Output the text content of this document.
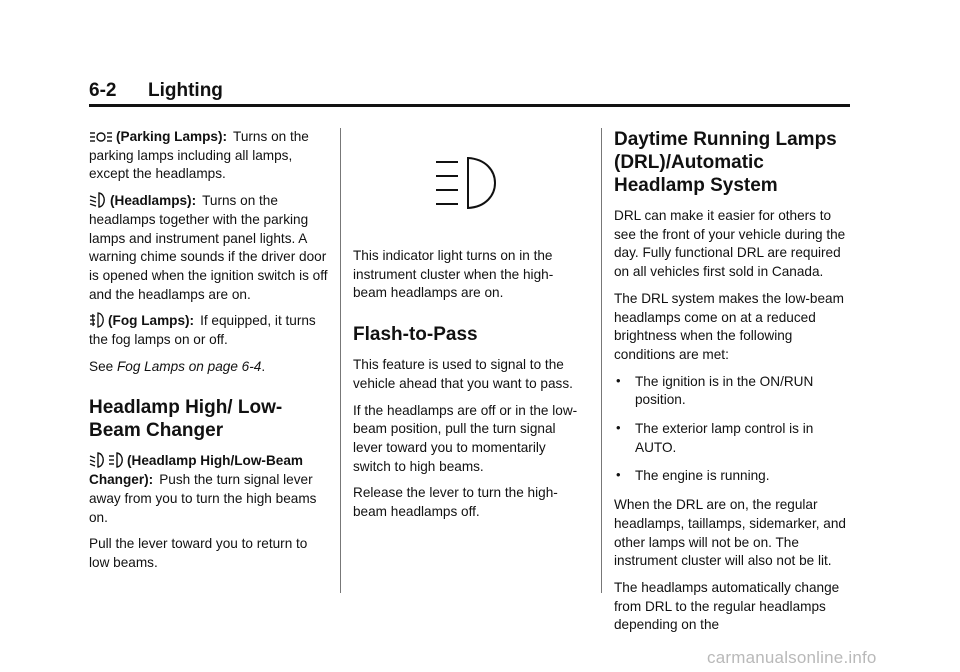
6-2 Lighting

(Parking Lamps): Turns on the parking lamps including all lamps, except the headlamps.

(Headlamps): Turns on the headlamps together with the parking lamps and instrument panel lights. A warning chime sounds if the driver door is opened when the ignition switch is off and the headlamps are on.

(Fog Lamps): If equipped, it turns the fog lamps on or off.

See Fog Lamps on page 6-4.

Headlamp High/ Low-Beam Changer

(Headlamp High/Low-Beam Changer): Push the turn signal lever away from you to turn the high beams on.

Pull the lever toward you to return to low beams.

This indicator light turns on in the instrument cluster when the high-beam headlamps are on.

Flash-to-Pass

This feature is used to signal to the vehicle ahead that you want to pass.

If the headlamps are off or in the low-beam position, pull the turn signal lever toward you to momentarily switch to high beams.

Release the lever to turn the high-beam headlamps off.

Daytime Running Lamps (DRL)/Automatic Headlamp System

DRL can make it easier for others to see the front of your vehicle during the day. Fully functional DRL are required on all vehicles first sold in Canada.

The DRL system makes the low-beam headlamps come on at a reduced brightness when the following conditions are met:

• The ignition is in the ON/RUN position.
• The exterior lamp control is in AUTO.
• The engine is running.

When the DRL are on, the regular headlamps, taillamps, sidemarker, and other lamps will not be on. The instrument cluster will also not be lit.

The headlamps automatically change from DRL to the regular headlamps depending on the

carmanualsonline.info
